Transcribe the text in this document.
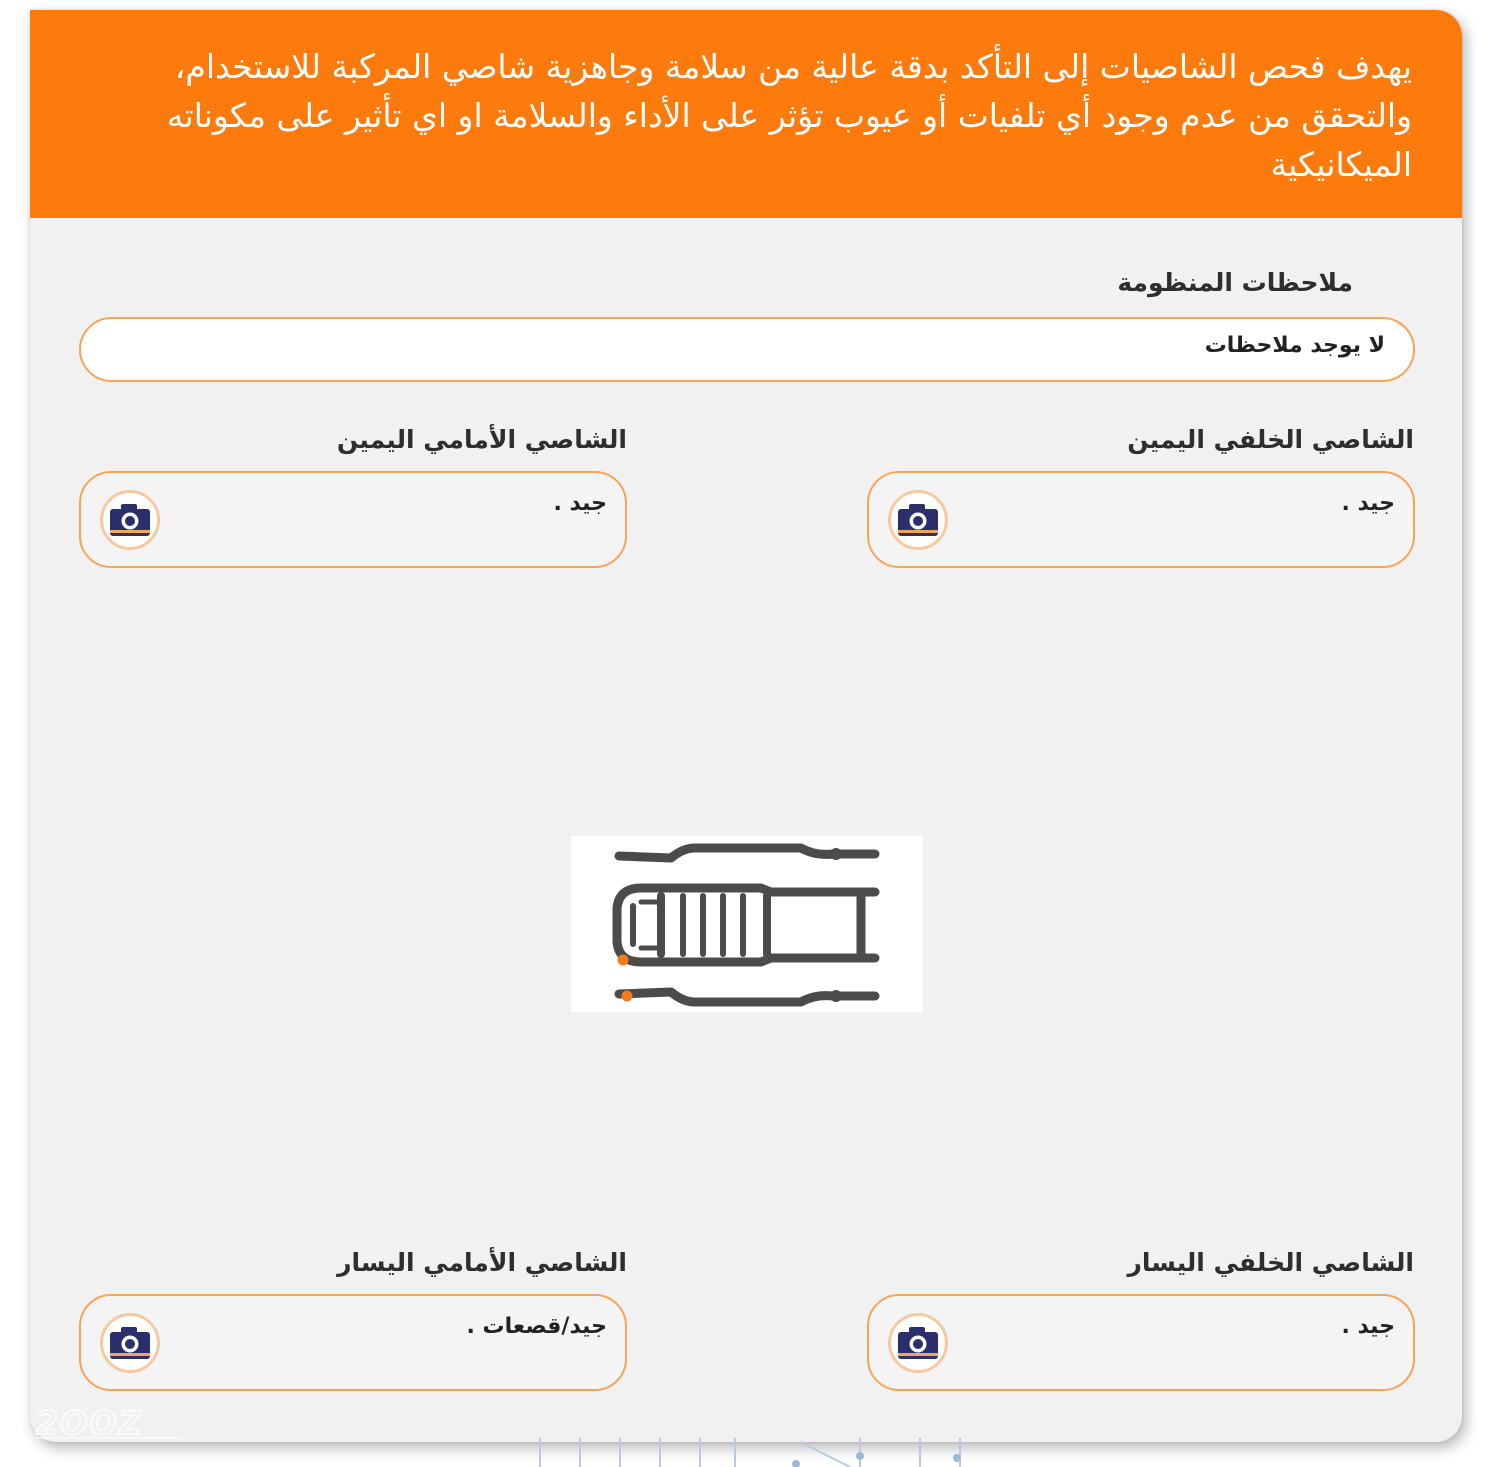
يهدف فحص الشاصيات إلى التأكد بدقة عالية من سلامة وجاهزية شاصي المركبة للاستخدام،
والتحقق من عدم وجود أي تلفيات أو عيوب تؤثر على الأداء والسلامة او اي تأثير على مكوناته
الميكانيكية
ملاحظات المنظومة
لا يوجد ملاحظات
الشاصي الخلفي اليمين
جيد .
الشاصي الأمامي اليمين
جيد .
الشاصي الخلفي اليسار
جيد .
الشاصي الأمامي اليسار
جيد/قصعات .
2OOZ
